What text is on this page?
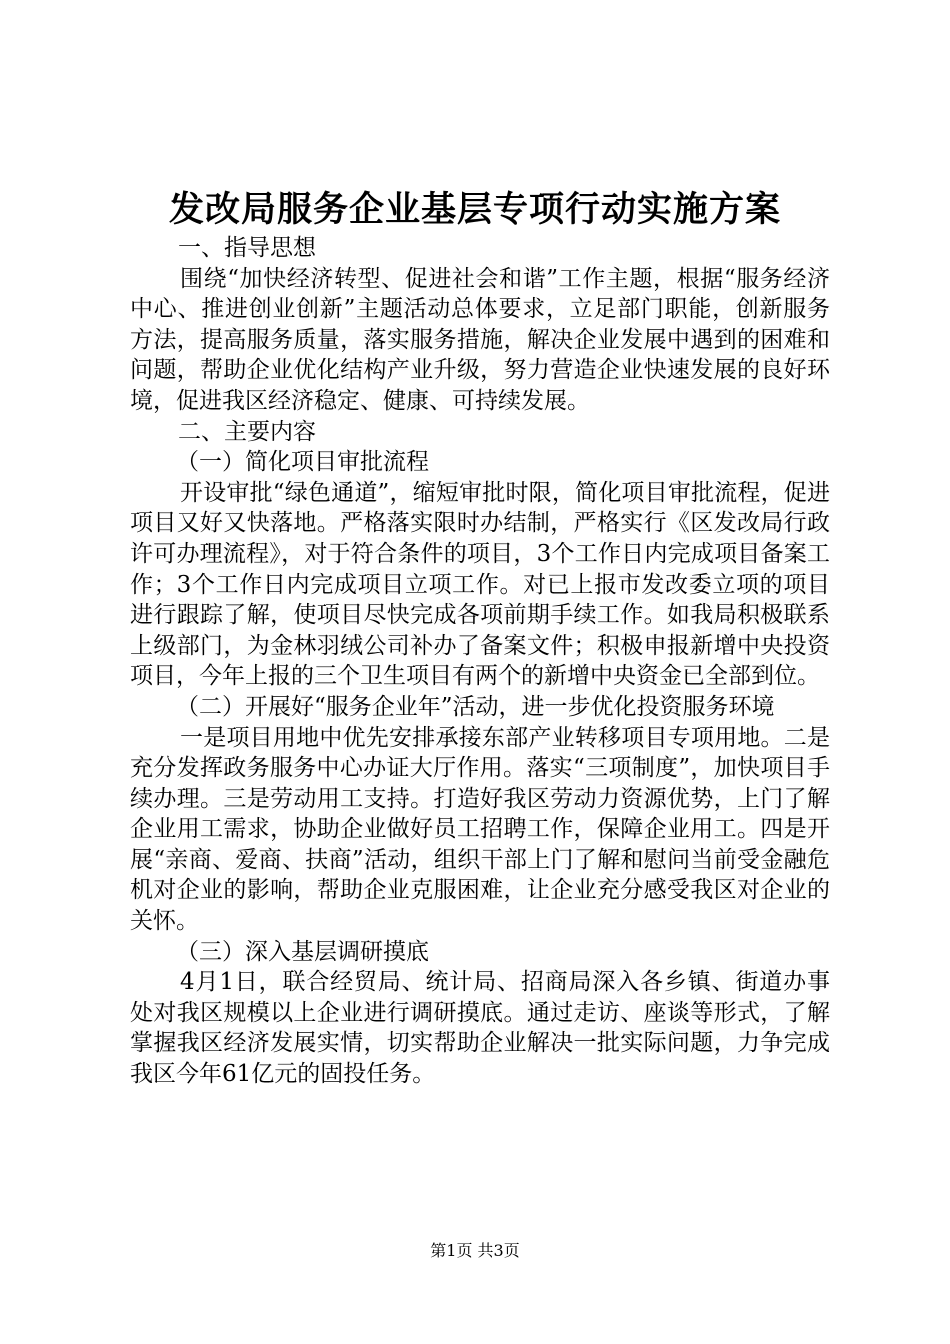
发改局服务企业基层专项行动实施方案

一、指导思想

围绕“加快经济转型、促进社会和谐”工作主题，根据“服务经济中心、推进创业创新”主题活动总体要求，立足部门职能，创新服务方法，提高服务质量，落实服务措施，解决企业发展中遇到的困难和问题，帮助企业优化结构产业升级，努力营造企业快速发展的良好环境，促进我区经济稳定、健康、可持续发展。

二、主要内容

（一）简化项目审批流程

开设审批“绿色通道”，缩短审批时限，简化项目审批流程，促进项目又好又快落地。严格落实限时办结制，严格实行《区发改局行政许可办理流程》，对于符合条件的项目，3个工作日内完成项目备案工作；3个工作日内完成项目立项工作。对已上报市发改委立项的项目进行跟踪了解，使项目尽快完成各项前期手续工作。如我局积极联系上级部门，为金林羽绒公司补办了备案文件；积极申报新增中央投资项目，今年上报的三个卫生项目有两个的新增中央资金已全部到位。

（二）开展好“服务企业年”活动，进一步优化投资服务环境

一是项目用地中优先安排承接东部产业转移项目专项用地。二是充分发挥政务服务中心办证大厅作用。落实“三项制度”，加快项目手续办理。三是劳动用工支持。打造好我区劳动力资源优势，上门了解企业用工需求，协助企业做好员工招聘工作，保障企业用工。四是开展“亲商、爱商、扶商”活动，组织干部上门了解和慰问当前受金融危机对企业的影响，帮助企业克服困难，让企业充分感受我区对企业的关怀。

（三）深入基层调研摸底

4月1日，联合经贸局、统计局、招商局深入各乡镇、街道办事处对我区规模以上企业进行调研摸底。通过走访、座谈等形式，了解掌握我区经济发展实情，切实帮助企业解决一批实际问题，力争完成我区今年61亿元的固投任务。

第1页 共3页
